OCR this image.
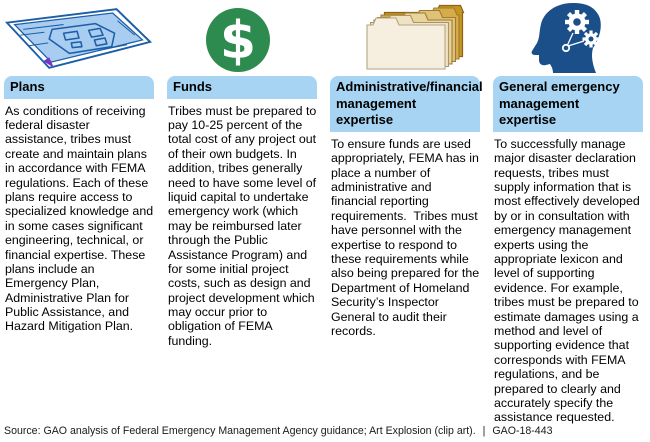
Plans

As conditions of receiving federal disaster assistance, tribes must create and maintain plans in accordance with FEMA regulations. Each of these plans require access to specialized knowledge and in some cases significant engineering, technical, or financial expertise. These plans include an Emergency Plan, Administrative Plan for Public Assistance, and Hazard Mitigation Plan.

$
Funds

Tribes must be prepared to pay 10-25 percent of the total cost of any project out of their own budgets. In addition, tribes generally need to have some level of liquid capital to undertake emergency work (which may be reimbursed later through the Public Assistance Program) and for some initial project costs, such as design and project development which may occur prior to obligation of FEMA funding.

Administrative/financial management expertise

To ensure funds are used appropriately, FEMA has in place a number of administrative and financial reporting requirements.  Tribes must have personnel with the expertise to respond to these requirements while also being prepared for the Department of Homeland Security’s Inspector General to audit their records.

General emergency management expertise

To successfully manage major disaster declaration requests, tribes must supply information that is most effectively developed by or in consultation with emergency management experts using the appropriate lexicon and level of supporting evidence. For example, tribes must be prepared to estimate damages using a method and level of supporting evidence that corresponds with FEMA regulations, and be prepared to clearly and accurately specify the assistance requested.

Source: GAO analysis of Federal Emergency Management Agency guidance; Art Explosion (clip art). | GAO-18-443
